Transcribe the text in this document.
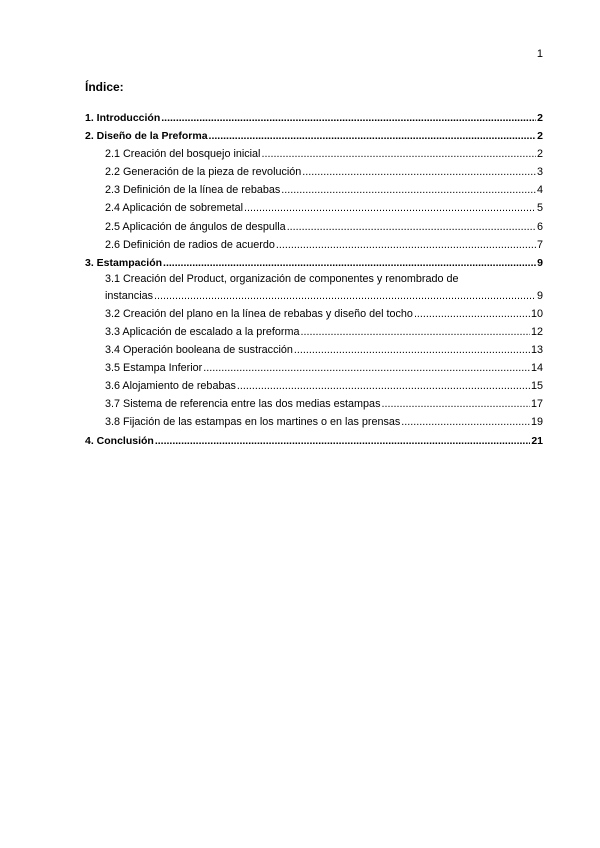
1
Índice:
1. Introducción .....	2
2. Diseño de la Preforma .....	2
2.1 Creación del bosquejo inicial .....	2
2.2 Generación de la pieza de revolución .....	3
2.3 Definición de la línea de rebabas .....	4
2.4 Aplicación de sobremetal .....	5
2.5 Aplicación de ángulos de despulla .....	6
2.6 Definición de radios de acuerdo .....	7
3. Estampación .....	9
3.1 Creación del Product, organización de componentes y renombrado de
instancias .....	9
3.2 Creación del plano en la línea de rebabas y diseño del tocho .....	10
3.3 Aplicación de escalado a la preforma .....	12
3.4 Operación booleana de sustracción .....	13
3.5 Estampa Inferior .....	14
3.6 Alojamiento de rebabas .....	15
3.7 Sistema de referencia entre las dos medias estampas .....	17
3.8 Fijación de las estampas en los martines o en las prensas .....	19
4. Conclusión .....	21
